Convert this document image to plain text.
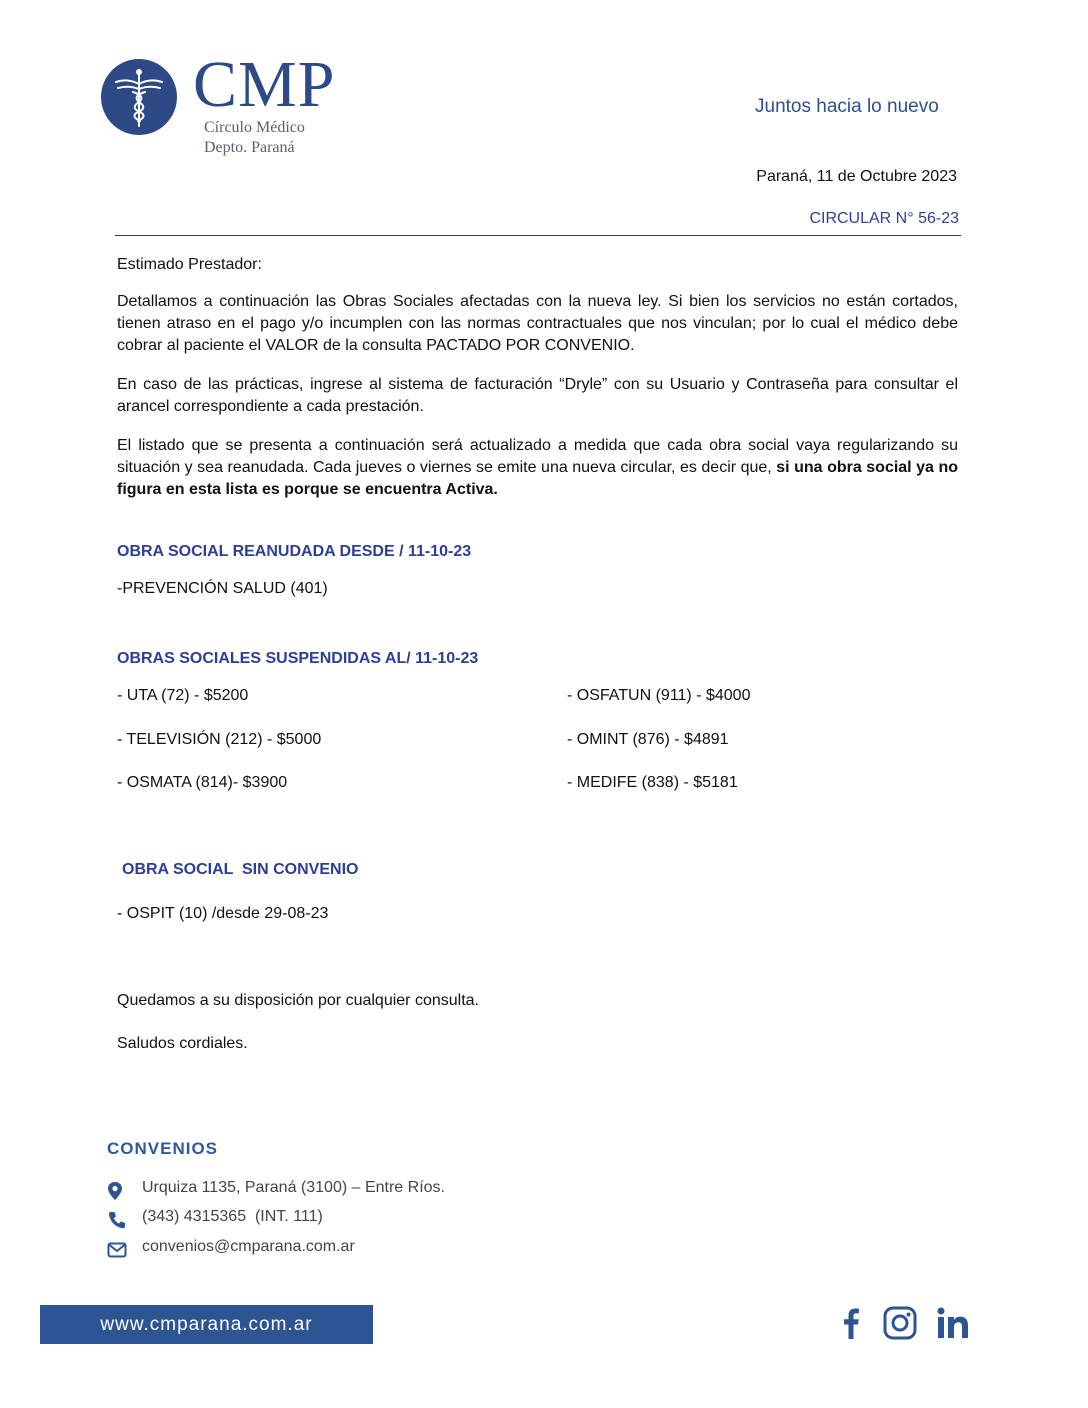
CMP
Círculo Médico
Depto. Paraná
Juntos hacia lo nuevo
Paraná, 11 de Octubre 2023
CIRCULAR N° 56-23
Estimado Prestador:
Detallamos a continuación las Obras Sociales afectadas con la nueva ley. Si bien los servicios no están cortados, tienen atraso en el pago y/o incumplen con las normas contractuales que nos vinculan; por lo cual el médico debe cobrar al paciente el VALOR de la consulta PACTADO POR CONVENIO.
En caso de las prácticas, ingrese al sistema de facturación “Dryle” con su Usuario y Contraseña para consultar el arancel correspondiente a cada prestación.
El listado que se presenta a continuación será actualizado a medida que cada obra social vaya regularizando su situación y sea reanudada. Cada jueves o viernes se emite una nueva circular, es decir que, si una obra social ya no figura en esta lista es porque se encuentra Activa.
OBRA SOCIAL REANUDADA DESDE / 11-10-23
-PREVENCIÓN SALUD (401)
OBRAS SOCIALES SUSPENDIDAS AL/ 11-10-23
- UTA (72) - $5200
- TELEVISIÓN (212) - $5000
- OSMATA (814)- $3900
- OSFATUN (911) - $4000
- OMINT (876) - $4891
- MEDIFE (838) - $5181
OBRA SOCIAL  SIN CONVENIO
- OSPIT (10) /desde 29-08-23
Quedamos a su disposición por cualquier consulta.
Saludos cordiales.
CONVENIOS
Urquiza 1135, Paraná (3100) – Entre Ríos.
(343) 4315365  (INT. 111)
convenios@cmparana.com.ar
www.cmparana.com.ar
